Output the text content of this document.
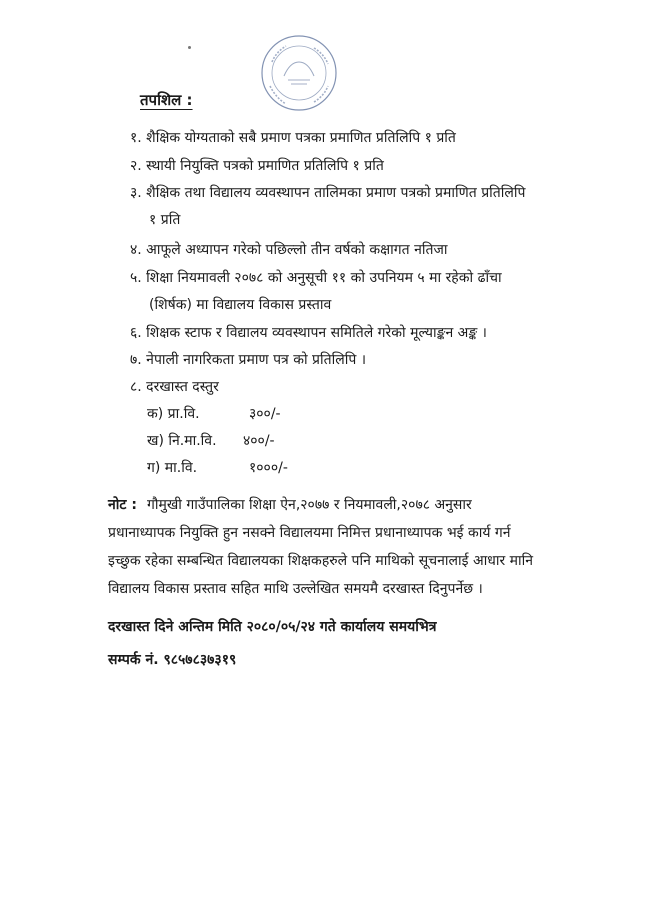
तपशिल :
१. शैक्षिक योग्यताको सबै प्रमाण पत्रका प्रमाणित प्रतिलिपि १ प्रति
२. स्थायी नियुक्ति पत्रको प्रमाणित प्रतिलिपि १ प्रति
३. शैक्षिक तथा विद्यालय व्यवस्थापन तालिमका प्रमाण पत्रको प्रमाणित प्रतिलिपि
१ प्रति
४. आफूले अध्यापन गरेको पछिल्लो तीन वर्षको कक्षागत नतिजा
५. शिक्षा नियमावली २०७८ को अनुसूची ११ को उपनियम ५ मा रहेको ढाँचा
(शिर्षक) मा विद्यालय विकास प्रस्ताव
६. शिक्षक स्टाफ र विद्यालय व्यवस्थापन समितिले गरेको मूल्याङ्कन अङ्क ।
७. नेपाली नागरिकता प्रमाण पत्र को प्रतिलिपि ।
८. दरखास्त दस्तुर
क) प्रा.वि.	३००/-
ख) नि.मा.वि. ४००/-
ग) मा.वि.	१०००/-
नोट : गौमुखी गाउँपालिका शिक्षा ऐन,२०७७ र नियमावली,२०७८ अनुसार
प्रधानाध्यापक नियुक्ति हुन नसक्ने विद्यालयमा निमित्त प्रधानाध्यापक भई कार्य गर्न
इच्छुक रहेका सम्बन्धित विद्यालयका शिक्षकहरुले पनि माथिको सूचनालाई आधार मानि
विद्यालय विकास प्रस्ताव सहित माथि उल्लेखित समयमै दरखास्त दिनुपर्नेछ ।
दरखास्त दिने अन्तिम मिति २०८०/०५/२४ गते कार्यालय समयभित्र
सम्पर्क नं. ९८५७८३७३१९
